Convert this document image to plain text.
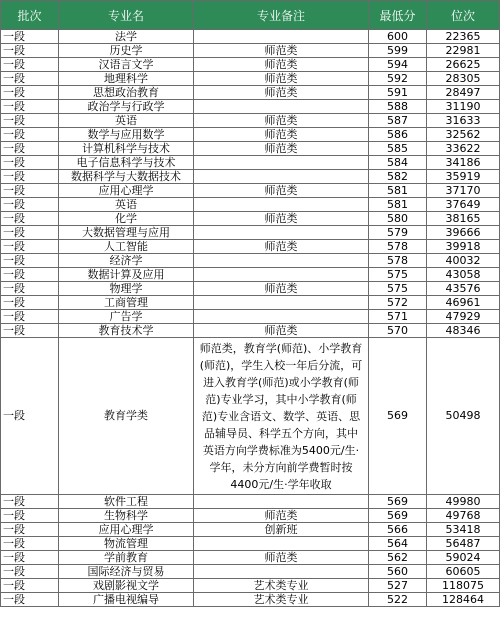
批次	专业名	专业备注	最低分	位次
一段	法学		600	22365
一段	历史学	师范类	599	22981
一段	汉语言文学	师范类	594	26625
一段	地理科学	师范类	592	28305
一段	思想政治教育	师范类	591	28497
一段	政治学与行政学		588	31190
一段	英语	师范类	587	31633
一段	数学与应用数学	师范类	586	32562
一段	计算机科学与技术	师范类	585	33622
一段	电子信息科学与技术		584	34186
一段	数据科学与大数据技术		582	35919
一段	应用心理学	师范类	581	37170
一段	英语		581	37649
一段	化学	师范类	580	38165
一段	大数据管理与应用		579	39666
一段	人工智能	师范类	578	39918
一段	经济学		578	40032
一段	数据计算及应用		575	43058
一段	物理学	师范类	575	43576
一段	工商管理		572	46961
一段	广告学		571	47929
一段	教育技术学	师范类	570	48346
一段	教育学类	师范类，教育学(师范)、小学教育(师范)，学生入校一年后分流，可进入教育学(师范)或小学教育(师范)专业学习，其中小学教育(师范)专业含语文、数学、英语、思品辅导员、科学五个方向，其中英语方向学费标准为5400元/生·学年，未分方向前学费暂时按4400元/生·学年收取	569	50498
一段	软件工程		569	49980
一段	生物科学	师范类	569	49768
一段	应用心理学	创新班	566	53418
一段	物流管理		564	56487
一段	学前教育	师范类	562	59024
一段	国际经济与贸易		560	60605
一段	戏剧影视文学	艺术类专业	527	118075
一段	广播电视编导	艺术类专业	522	128464
